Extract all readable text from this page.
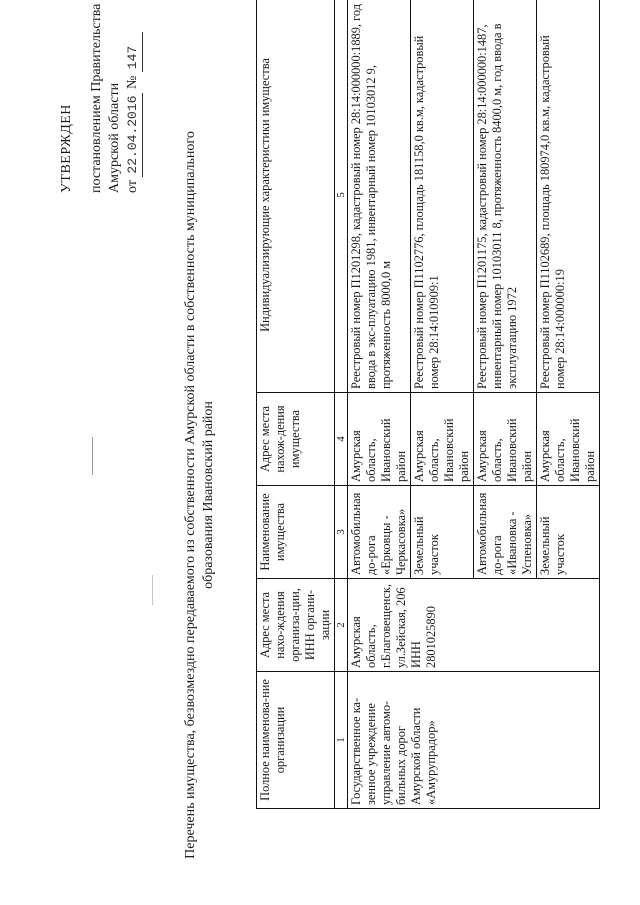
УТВЕРЖДЕН постановлением Правительства Амурской области от 22.04.2016 № 147
Перечень имущества, безвозмездно передаваемого из собственности Амурской области в собственность муниципального образования Ивановский район
Полное наименова-ние организации	Адрес места нахо-ждения организа-ции, ИНН органи-зации	Наименование имущества	Адрес места нахож-дения имущества	Индивидуализирующие характеристики имущества
1	2	3	4	5
Государственное ка-зенное учреждение управление автомо-бильных дорог Амурской области «Амурупрадор»	Амурская область, г.Благовещенск, ул.Зейская, 206 ИНН 2801025890	Автомобильная до-рога «Ерковцы - Черкасовка»	Амурская область, Ивановский район	Реестровый номер П1201298, кадастровый номер 28:14:000000:1889, год ввода в экс-плуатацию 1981, инвентарный номер 10103012 9, протяженность 8000,0 м
		Земельный участок	Амурская область, Ивановский район	Реестровый номер П1102776, площадь 181158,0 кв.м, кадастровый номер 28:14:010909:1
		Автомобильная до-рога «Ивановка - Успеновка»	Амурская область, Ивановский район	Реестровый номер П1201175, кадастровый номер 28:14:000000:1487, инвентарный номер 10103011 8, протяженность 8400,0 м, год ввода в эксплуатацию 1972
		Земельный участок	Амурская область, Ивановский район	Реестровый номер П1102689, площадь 180974,0 кв.м, кадастровый номер 28:14:000000:19
